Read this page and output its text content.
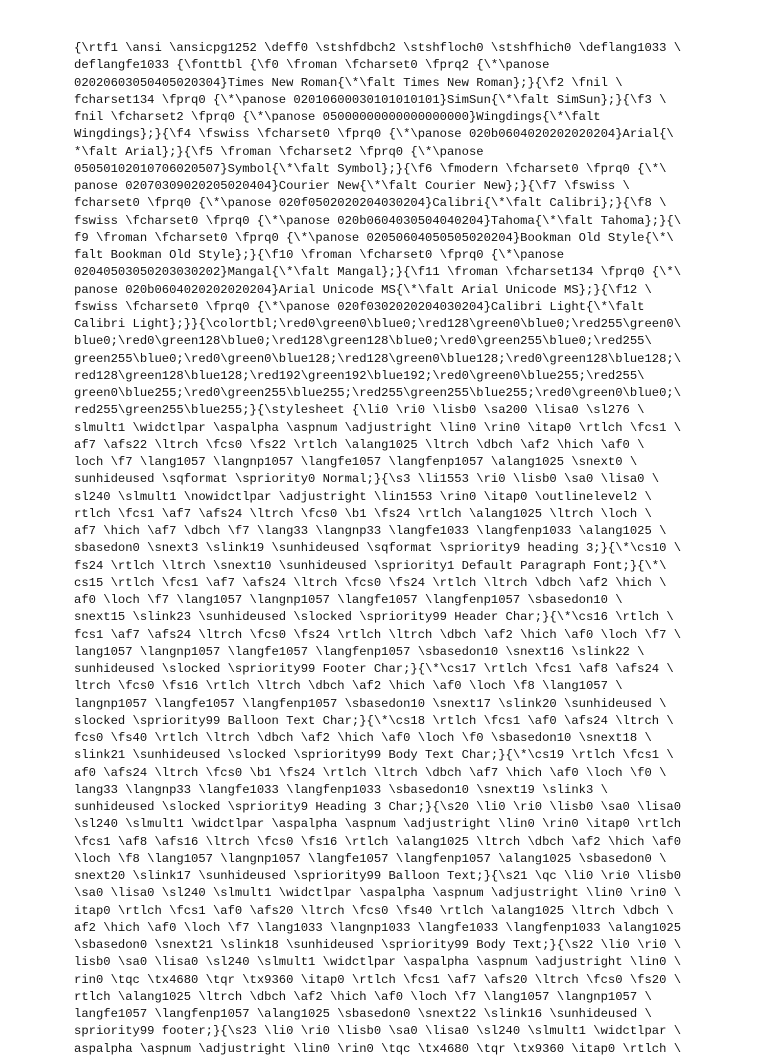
{\rtf1 \ansi \ansicpg1252 \deff0 \stshfdbch2 \stshfloch0 \stshfhich0 \deflang1033 \
deflangfe1033 {\fonttbl {\f0 \froman \fcharset0 \fprq2 {\*\panose
02020603050405020304}Times New Roman{\*\falt Times New Roman};}{\f2 \fnil \
fcharset134 \fprq0 {\*\panose 02010600030101010101}SimSun{\*\falt SimSun};}{\f3 \
fnil \fcharset2 \fprq0 {\*\panose 05000000000000000000}Wingdings{\*\falt
Wingdings};}{\f4 \fswiss \fcharset0 \fprq0 {\*\panose 020b0604020202020204}Arial{\
*\falt Arial};}{\f5 \froman \fcharset2 \fprq0 {\*\panose
05050102010706020507}Symbol{\*\falt Symbol};}{\f6 \fmodern \fcharset0 \fprq0 {\*\
panose 02070309020205020404}Courier New{\*\falt Courier New};}{\f7 \fswiss \
fcharset0 \fprq0 {\*\panose 020f0502020204030204}Calibri{\*\falt Calibri};}{\f8 \
fswiss \fcharset0 \fprq0 {\*\panose 020b0604030504040204}Tahoma{\*\falt Tahoma};}{\
f9 \froman \fcharset0 \fprq0 {\*\panose 02050604050505020204}Bookman Old Style{\*\
falt Bookman Old Style};}{\f10 \froman \fcharset0 \fprq0 {\*\panose
02040503050203030202}Mangal{\*\falt Mangal};}{\f11 \froman \fcharset134 \fprq0 {\*\
panose 020b0604020202020204}Arial Unicode MS{\*\falt Arial Unicode MS};}{\f12 \
fswiss \fcharset0 \fprq0 {\*\panose 020f0302020204030204}Calibri Light{\*\falt
Calibri Light};}}{\colortbl;\red0\green0\blue0;\red128\green0\blue0;\red255\green0\
blue0;\red0\green128\blue0;\red128\green128\blue0;\red0\green255\blue0;\red255\
green255\blue0;\red0\green0\blue128;\red128\green0\blue128;\red0\green128\blue128;\
red128\green128\blue128;\red192\green192\blue192;\red0\green0\blue255;\red255\
green0\blue255;\red0\green255\blue255;\red255\green255\blue255;\red0\green0\blue0;\
red255\green255\blue255;}{\stylesheet {\li0 \ri0 \lisb0 \sa200 \lisa0 \sl276 \
slmult1 \widctlpar \aspalpha \aspnum \adjustright \lin0 \rin0 \itap0 \rtlch \fcs1 \
af7 \afs22 \ltrch \fcs0 \fs22 \rtlch \alang1025 \ltrch \dbch \af2 \hich \af0 \
loch \f7 \lang1057 \langnp1057 \langfe1057 \langfenp1057 \alang1025 \snext0 \
sunhideused \sqformat \spriority0 Normal;}{\s3 \li1553 \ri0 \lisb0 \sa0 \lisa0 \
sl240 \slmult1 \nowidctlpar \adjustright \lin1553 \rin0 \itap0 \outlinelevel2 \
rtlch \fcs1 \af7 \afs24 \ltrch \fcs0 \b1 \fs24 \rtlch \alang1025 \ltrch \loch \
af7 \hich \af7 \dbch \f7 \lang33 \langnp33 \langfe1033 \langfenp1033 \alang1025 \
sbasedon0 \snext3 \slink19 \sunhideused \sqformat \spriority9 heading 3;}{\*\cs10 \
fs24 \rtlch \ltrch \snext10 \sunhideused \spriority1 Default Paragraph Font;}{\*\
cs15 \rtlch \fcs1 \af7 \afs24 \ltrch \fcs0 \fs24 \rtlch \ltrch \dbch \af2 \hich \
af0 \loch \f7 \lang1057 \langnp1057 \langfe1057 \langfenp1057 \sbasedon10 \
snext15 \slink23 \sunhideused \slocked \spriority99 Header Char;}{\*\cs16 \rtlch \
fcs1 \af7 \afs24 \ltrch \fcs0 \fs24 \rtlch \ltrch \dbch \af2 \hich \af0 \loch \f7 \
lang1057 \langnp1057 \langfe1057 \langfenp1057 \sbasedon10 \snext16 \slink22 \
sunhideused \slocked \spriority99 Footer Char;}{\*\cs17 \rtlch \fcs1 \af8 \afs24 \
ltrch \fcs0 \fs16 \rtlch \ltrch \dbch \af2 \hich \af0 \loch \f8 \lang1057 \
langnp1057 \langfe1057 \langfenp1057 \sbasedon10 \snext17 \slink20 \sunhideused \
slocked \spriority99 Balloon Text Char;}{\*\cs18 \rtlch \fcs1 \af0 \afs24 \ltrch \
fcs0 \fs40 \rtlch \ltrch \dbch \af2 \hich \af0 \loch \f0 \sbasedon10 \snext18 \
slink21 \sunhideused \slocked \spriority99 Body Text Char;}{\*\cs19 \rtlch \fcs1 \
af0 \afs24 \ltrch \fcs0 \b1 \fs24 \rtlch \ltrch \dbch \af7 \hich \af0 \loch \f0 \
lang33 \langnp33 \langfe1033 \langfenp1033 \sbasedon10 \snext19 \slink3 \
sunhideused \slocked \spriority9 Heading 3 Char;}{\s20 \li0 \ri0 \lisb0 \sa0 \lisa0
\sl240 \slmult1 \widctlpar \aspalpha \aspnum \adjustright \lin0 \rin0 \itap0 \rtlch
\fcs1 \af8 \afs16 \ltrch \fcs0 \fs16 \rtlch \alang1025 \ltrch \dbch \af2 \hich \af0
\loch \f8 \lang1057 \langnp1057 \langfe1057 \langfenp1057 \alang1025 \sbasedon0 \
snext20 \slink17 \sunhideused \spriority99 Balloon Text;}{\s21 \qc \li0 \ri0 \lisb0
\sa0 \lisa0 \sl240 \slmult1 \widctlpar \aspalpha \aspnum \adjustright \lin0 \rin0 \
itap0 \rtlch \fcs1 \af0 \afs20 \ltrch \fcs0 \fs40 \rtlch \alang1025 \ltrch \dbch \
af2 \hich \af0 \loch \f7 \lang1033 \langnp1033 \langfe1033 \langfenp1033 \alang1025
\sbasedon0 \snext21 \slink18 \sunhideused \spriority99 Body Text;}{\s22 \li0 \ri0 \
lisb0 \sa0 \lisa0 \sl240 \slmult1 \widctlpar \aspalpha \aspnum \adjustright \lin0 \
rin0 \tqc \tx4680 \tqr \tx9360 \itap0 \rtlch \fcs1 \af7 \afs20 \ltrch \fcs0 \fs20 \
rtlch \alang1025 \ltrch \dbch \af2 \hich \af0 \loch \f7 \lang1057 \langnp1057 \
langfe1057 \langfenp1057 \alang1025 \sbasedon0 \snext22 \slink16 \sunhideused \
spriority99 footer;}{\s23 \li0 \ri0 \lisb0 \sa0 \lisa0 \sl240 \slmult1 \widctlpar \
aspalpha \aspnum \adjustright \lin0 \rin0 \tqc \tx4680 \tqr \tx9360 \itap0 \rtlch \
